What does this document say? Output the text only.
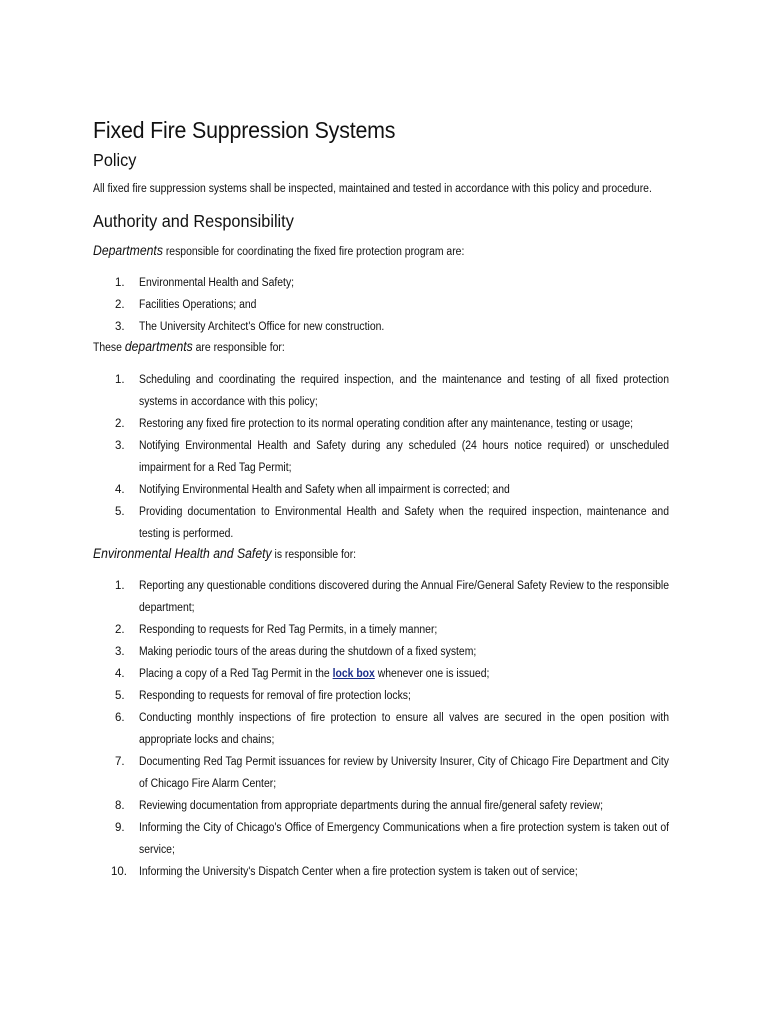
Fixed Fire Suppression Systems
Policy

All fixed fire suppression systems shall be inspected, maintained and tested in accordance with this policy and procedure.

Authority and Responsibility

Departments responsible for coordinating the fixed fire protection program are:

1.	Environmental Health and Safety;
2.	Facilities Operations; and
3.	The University Architect's Office for new construction.

These departments are responsible for:

1.	Scheduling and coordinating the required inspection, and the maintenance and testing of all fixed protection systems in accordance with this policy;
2.	Restoring any fixed fire protection to its normal operating condition after any maintenance, testing or usage;
3.	Notifying Environmental Health and Safety during any scheduled (24 hours notice required) or unscheduled impairment for a Red Tag Permit;
4.	Notifying Environmental Health and Safety when all impairment is corrected; and
5.	Providing documentation to Environmental Health and Safety when the required inspection, maintenance and testing is performed.

Environmental Health and Safety is responsible for:

1.	Reporting any questionable conditions discovered during the Annual Fire/General Safety Review to the responsible department;
2.	Responding to requests for Red Tag Permits, in a timely manner;
3.	Making periodic tours of the areas during the shutdown of a fixed system;
4.	Placing a copy of a Red Tag Permit in the lock box whenever one is issued;
5.	Responding to requests for removal of fire protection locks;
6.	Conducting monthly inspections of fire protection to ensure all valves are secured in the open position with appropriate locks and chains;
7.	Documenting Red Tag Permit issuances for review by University Insurer, City of Chicago Fire Department and City of Chicago Fire Alarm Center;
8.	Reviewing documentation from appropriate departments during the annual fire/general safety review;
9.	Informing the City of Chicago's Office of Emergency Communications when a fire protection system is taken out of service;
10.	Informing the University's Dispatch Center when a fire protection system is taken out of service;
